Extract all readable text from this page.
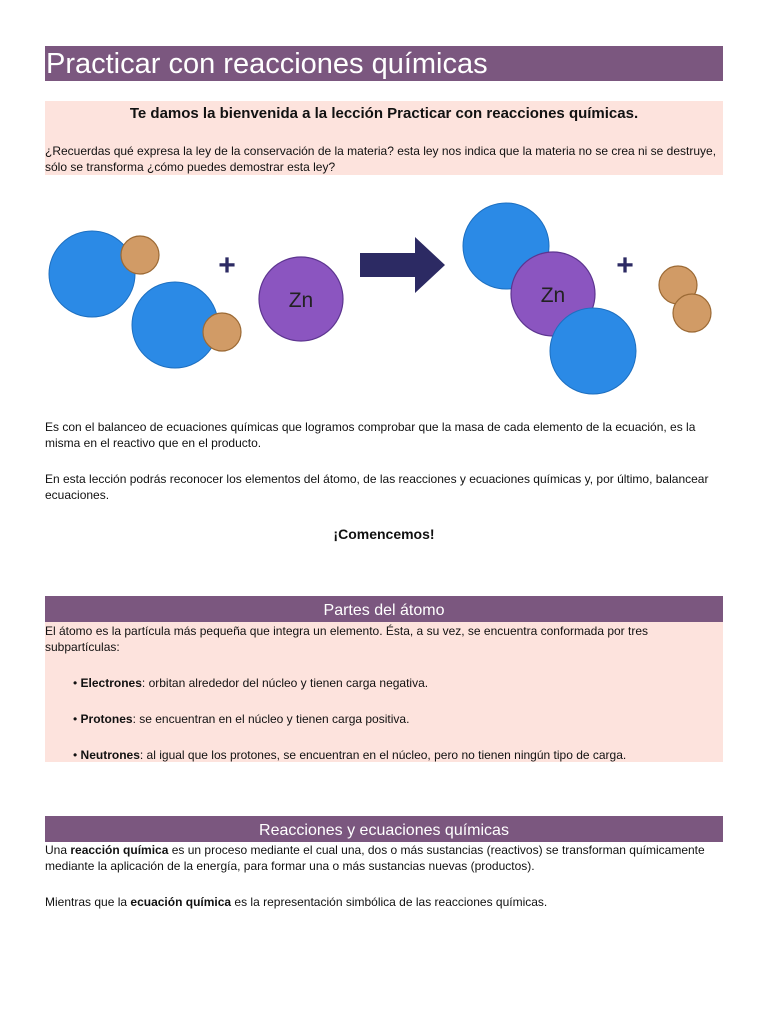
Practicar con reacciones químicas
Te damos la bienvenida a la lección Practicar con reacciones químicas.
¿Recuerdas qué expresa la ley de la conservación de la materia? esta ley nos indica que la materia no se crea ni se destruye, sólo se transforma ¿cómo puedes demostrar esta ley?
+
Zn	Zn
+
Es con el balanceo de ecuaciones químicas que logramos comprobar que la masa de cada elemento de la ecuación, es la misma en el reactivo que en el producto.
En esta lección podrás reconocer los elementos del átomo, de las reacciones y ecuaciones químicas y, por último, balancear ecuaciones.
¡Comencemos!
Partes del átomo
El átomo es la partícula más pequeña que integra un elemento. Ésta, a su vez, se encuentra conformada por tres subpartículas:
• Electrones: orbitan alrededor del núcleo y tienen carga negativa.
• Protones: se encuentran en el núcleo y tienen carga positiva.
• Neutrones: al igual que los protones, se encuentran en el núcleo, pero no tienen ningún tipo de carga.
Reacciones y ecuaciones químicas
Una reacción química es un proceso mediante el cual una, dos o más sustancias (reactivos) se transforman químicamente mediante la aplicación de la energía, para formar una o más sustancias nuevas (productos).
Mientras que la ecuación química es la representación simbólica de las reacciones químicas.
